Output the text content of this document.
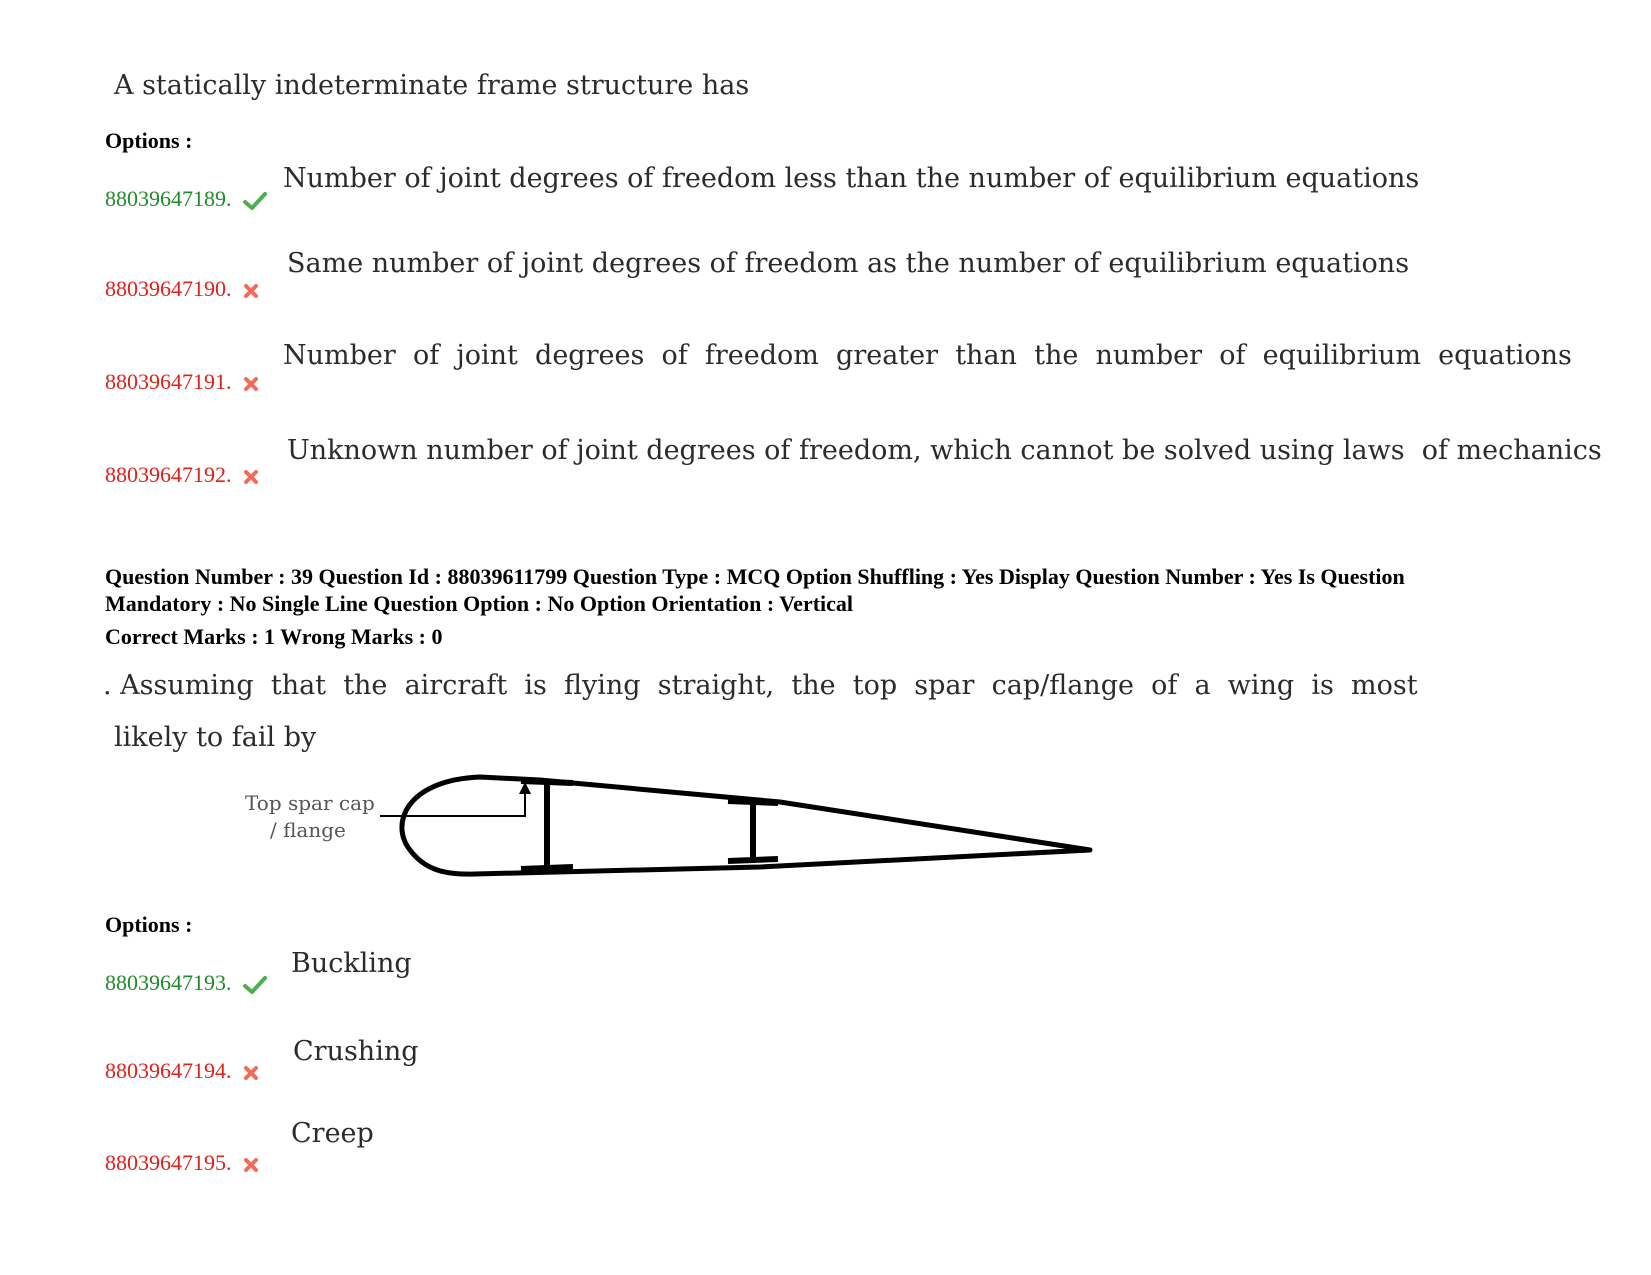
A statically indeterminate frame structure has
Options :
88039647189.
Number of joint degrees of freedom less than the number of equilibrium equations
88039647190.
Same number of joint degrees of freedom as the number of equilibrium equations
88039647191.
Number  of  joint  degrees  of  freedom  greater  than  the  number  of  equilibrium  equations
88039647192.
Unknown number of joint degrees of freedom, which cannot be solved using laws  of mechanics
Question Number : 39 Question Id : 88039611799 Question Type : MCQ Option Shuffling : Yes Display Question Number : Yes Is Question
Mandatory : No Single Line Question Option : No Option Orientation : Vertical
Correct Marks : 1 Wrong Marks : 0
. Assuming  that  the  aircraft  is  flying  straight,  the  top  spar  cap/flange  of  a  wing  is  most
likely to fail by
Top spar cap
/ flange
Options :
88039647193.
Buckling
88039647194.
Crushing
88039647195.
Creep
